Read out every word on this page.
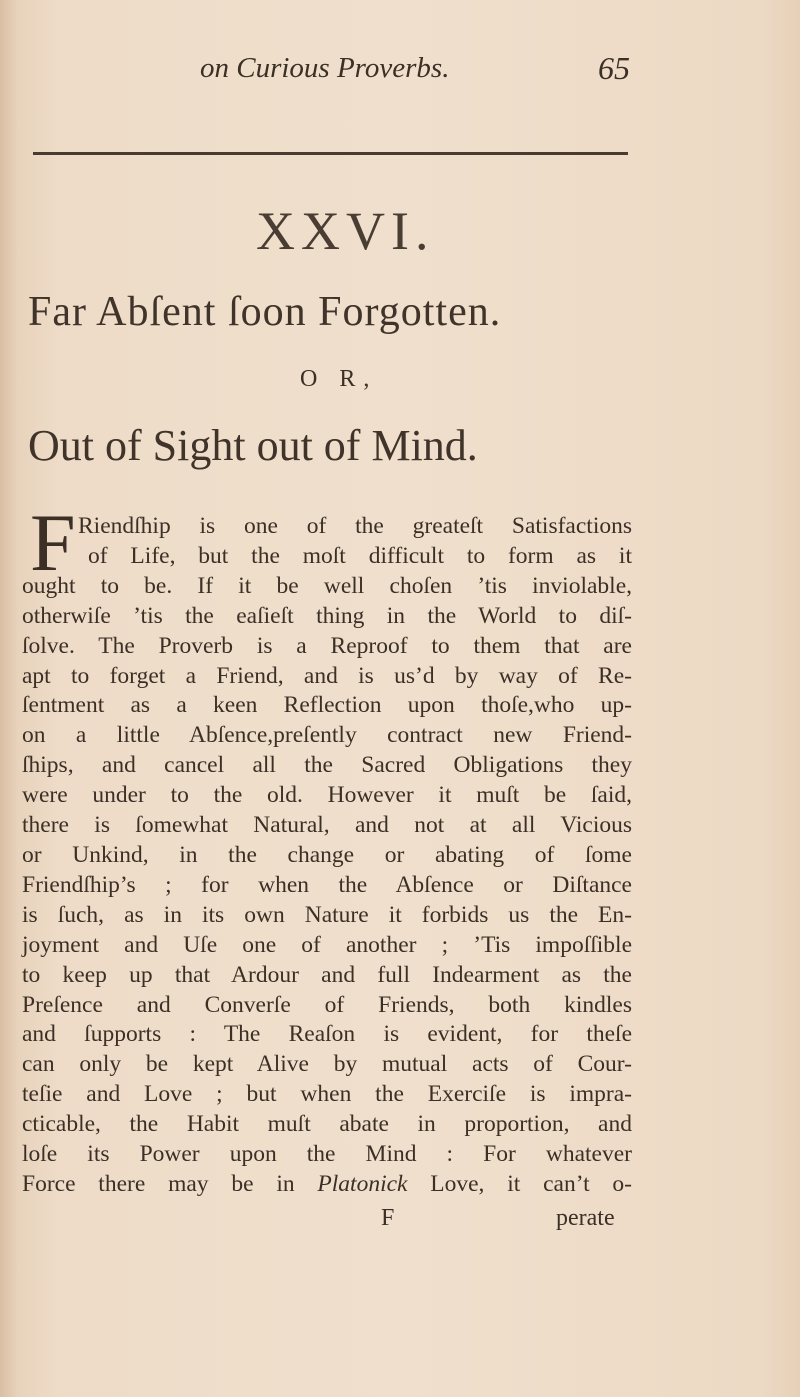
on Curious Proverbs.	65
XXVI.
Far Abſent ſoon Forgotten.
O R,
Out of Sight out of Mind.
F Riendſhip is one of the greateſt Satisfactions
of Life, but the moſt difficult to form as it
ought to be. If it be well choſen ’tis inviolable,
otherwiſe ’tis the eaſieſt thing in the World to diſ-
ſolve. The Proverb is a Reproof to them that are
apt to forget a Friend, and is us’d by way of Re-
ſentment as a keen Reflection upon thoſe,who up-
on a little Abſence,preſently contract new Friend-
ſhips, and cancel all the Sacred Obligations they
were under to the old. However it muſt be ſaid,
there is ſomewhat Natural, and not at all Vicious
or Unkind, in the change or abating of ſome
Friendſhip’s ; for when the Abſence or Diſtance
is ſuch, as in its own Nature it forbids us the En-
joyment and Uſe one of another ; ’Tis impoſſible
to keep up that Ardour and full Indearment as the
Preſence and Converſe of Friends, both kindles
and ſupports : The Reaſon is evident, for theſe
can only be kept Alive by mutual acts of Cour-
teſie and Love ; but when the Exerciſe is impra-
cticable, the Habit muſt abate in proportion, and
loſe its Power upon the Mind : For whatever
Force there may be in Platonick Love, it can’t o-
F	perate
